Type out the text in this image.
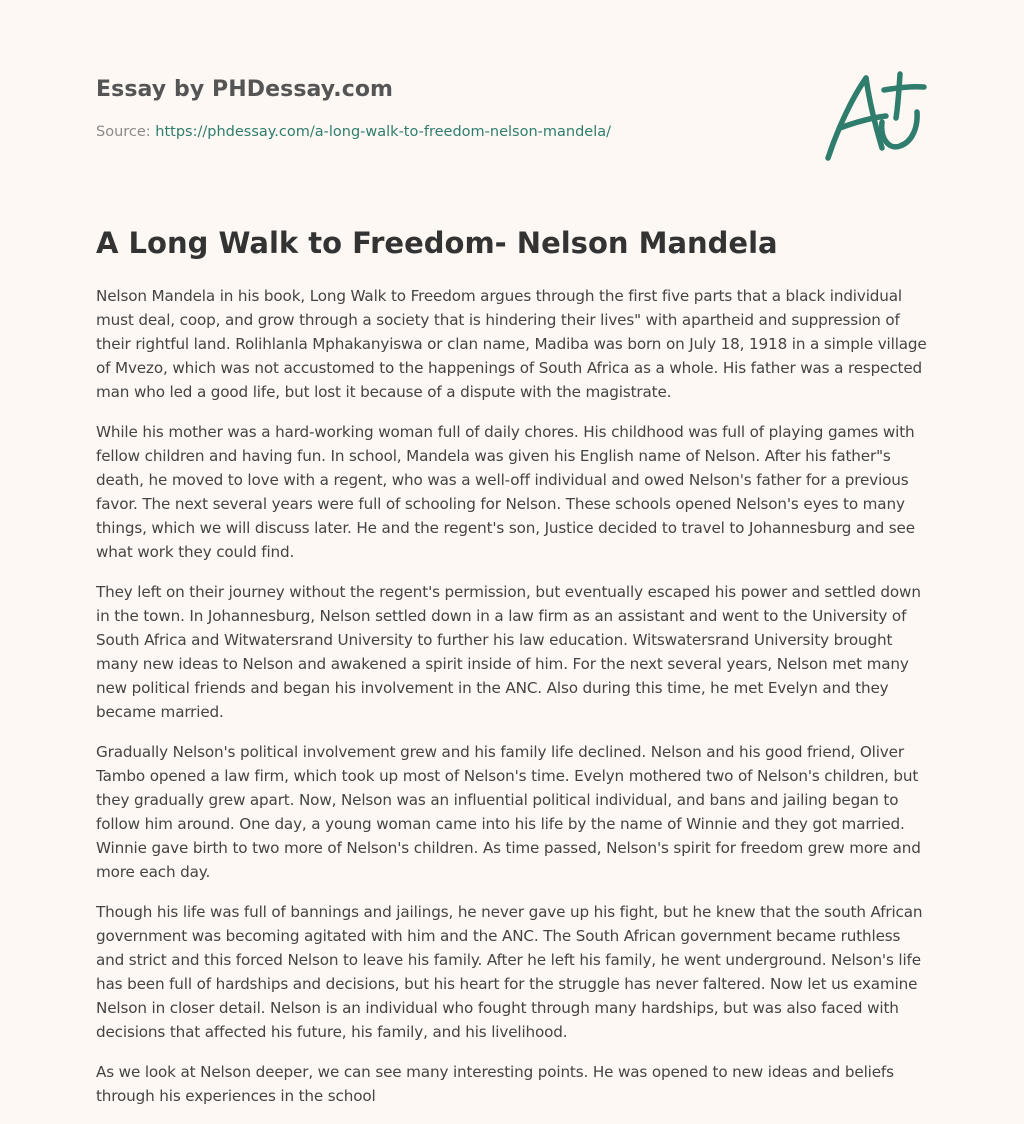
Essay by PHDessay.com
Source: https://phdessay.com/a-long-walk-to-freedom-nelson-mandela/
A Long Walk to Freedom- Nelson Mandela

Nelson Mandela in his book, Long Walk to Freedom argues through the first five parts that a black individual must deal, coop, and grow through a society that is hindering their lives" with apartheid and suppression of their rightful land. Rolihlanla Mphakanyiswa or clan name, Madiba was born on July 18, 1918 in a simple village of Mvezo, which was not accustomed to the happenings of South Africa as a whole. His father was a respected man who led a good life, but lost it because of a dispute with the magistrate.

While his mother was a hard-working woman full of daily chores. His childhood was full of playing games with fellow children and having fun. In school, Mandela was given his English name of Nelson. After his father"s death, he moved to love with a regent, who was a well-off individual and owed Nelson's father for a previous favor. The next several years were full of schooling for Nelson. These schools opened Nelson's eyes to many things, which we will discuss later. He and the regent's son, Justice decided to travel to Johannesburg and see what work they could find.

They left on their journey without the regent's permission, but eventually escaped his power and settled down in the town. In Johannesburg, Nelson settled down in a law firm as an assistant and went to the University of South Africa and Witwatersrand University to further his law education. Witswatersrand University brought many new ideas to Nelson and awakened a spirit inside of him. For the next several years, Nelson met many new political friends and began his involvement in the ANC. Also during this time, he met Evelyn and they became married.

Gradually Nelson's political involvement grew and his family life declined. Nelson and his good friend, Oliver Tambo opened a law firm, which took up most of Nelson's time. Evelyn mothered two of Nelson's children, but they gradually grew apart. Now, Nelson was an influential political individual, and bans and jailing began to follow him around. One day, a young woman came into his life by the name of Winnie and they got married. Winnie gave birth to two more of Nelson's children. As time passed, Nelson's spirit for freedom grew more and more each day.

Though his life was full of bannings and jailings, he never gave up his fight, but he knew that the south African government was becoming agitated with him and the ANC. The South African government became ruthless and strict and this forced Nelson to leave his family. After he left his family, he went underground. Nelson's life has been full of hardships and decisions, but his heart for the struggle has never faltered. Now let us examine Nelson in closer detail. Nelson is an individual who fought through many hardships, but was also faced with decisions that affected his future, his family, and his livelihood.

As we look at Nelson deeper, we can see many interesting points. He was opened to new ideas and beliefs through his experiences in the school
